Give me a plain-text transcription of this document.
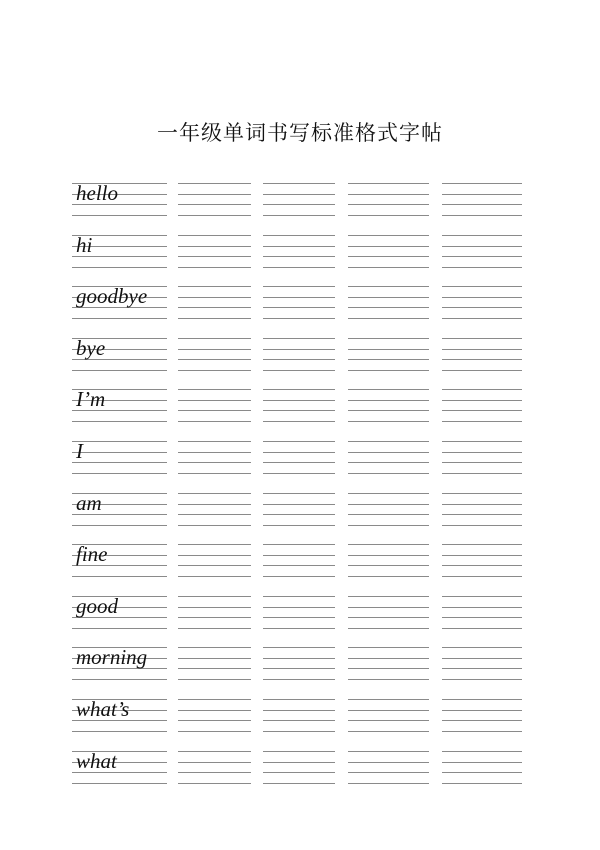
一年级单词书写标准格式字帖
hello
hi
goodbye
bye
I’m
I
am
fine
good
morning
what’s
what
